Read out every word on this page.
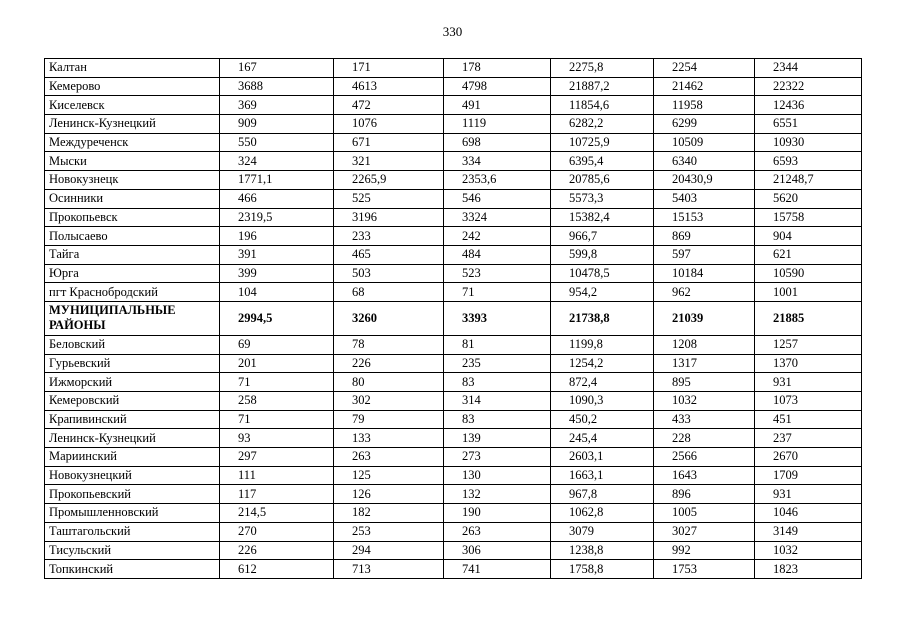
330
Калтан	167	171	178	2275,8	2254	2344
Кемерово	3688	4613	4798	21887,2	21462	22322
Киселевск	369	472	491	11854,6	11958	12436
Ленинск-Кузнецкий	909	1076	1119	6282,2	6299	6551
Междуреченск	550	671	698	10725,9	10509	10930
Мыски	324	321	334	6395,4	6340	6593
Новокузнецк	1771,1	2265,9	2353,6	20785,6	20430,9	21248,7
Осинники	466	525	546	5573,3	5403	5620
Прокопьевск	2319,5	3196	3324	15382,4	15153	15758
Полысаево	196	233	242	966,7	869	904
Тайга	391	465	484	599,8	597	621
Юрга	399	503	523	10478,5	10184	10590
пгт Краснобродский	104	68	71	954,2	962	1001
МУНИЦИПАЛЬНЫЕ РАЙОНЫ	2994,5	3260	3393	21738,8	21039	21885
Беловский	69	78	81	1199,8	1208	1257
Гурьевский	201	226	235	1254,2	1317	1370
Ижморский	71	80	83	872,4	895	931
Кемеровский	258	302	314	1090,3	1032	1073
Крапивинский	71	79	83	450,2	433	451
Ленинск-Кузнецкий	93	133	139	245,4	228	237
Мариинский	297	263	273	2603,1	2566	2670
Новокузнецкий	111	125	130	1663,1	1643	1709
Прокопьевский	117	126	132	967,8	896	931
Промышленновский	214,5	182	190	1062,8	1005	1046
Таштагольский	270	253	263	3079	3027	3149
Тисульский	226	294	306	1238,8	992	1032
Топкинский	612	713	741	1758,8	1753	1823
